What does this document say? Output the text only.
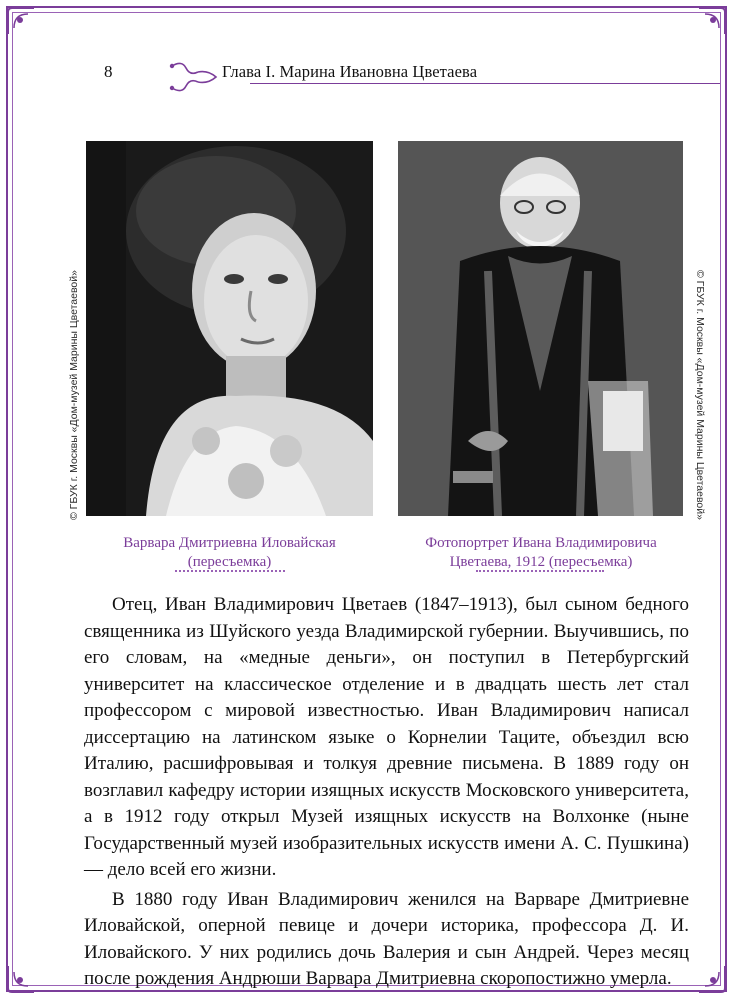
8	Глава I. Марина Ивановна Цветаева
© ГБУК г. Москвы «Дом-музей Марины Цветаевой»	© ГБУК г. Москвы «Дом-музей Марины Цветаевой»
Варвара Дмитриевна Иловайская
(пересъемка)
Фотопортрет Ивана Владимировича
Цветаева, 1912 (пересъемка)

Отец, Иван Владимирович Цветаев (1847–1913), был сыном бедного священника из Шуйского уезда Владимирской губернии. Выучившись, по его словам, на «медные деньги», он поступил в Петербургский университет на классическое отделение и в двадцать шесть лет стал профессором с мировой известностью. Иван Владимирович написал диссертацию на латинском языке о Корнелии Таците, объездил всю Италию, расшифровывая и толкуя древние письмена. В 1889 году он возглавил кафедру истории изящных искусств Московского университета, а в 1912 году открыл Музей изящных искусств на Волхонке (ныне Государственный музей изобразительных искусств имени А. С. Пушкина) — дело всей его жизни.

В 1880 году Иван Владимирович женился на Варваре Дмитриевне Иловайской, оперной певице и дочери историка, профессора Д. И. Иловайского. У них родились дочь Валерия и сын Андрей. Через месяц после рождения Андрюши Варвара Дмитриевна скоропостижно умерла.
